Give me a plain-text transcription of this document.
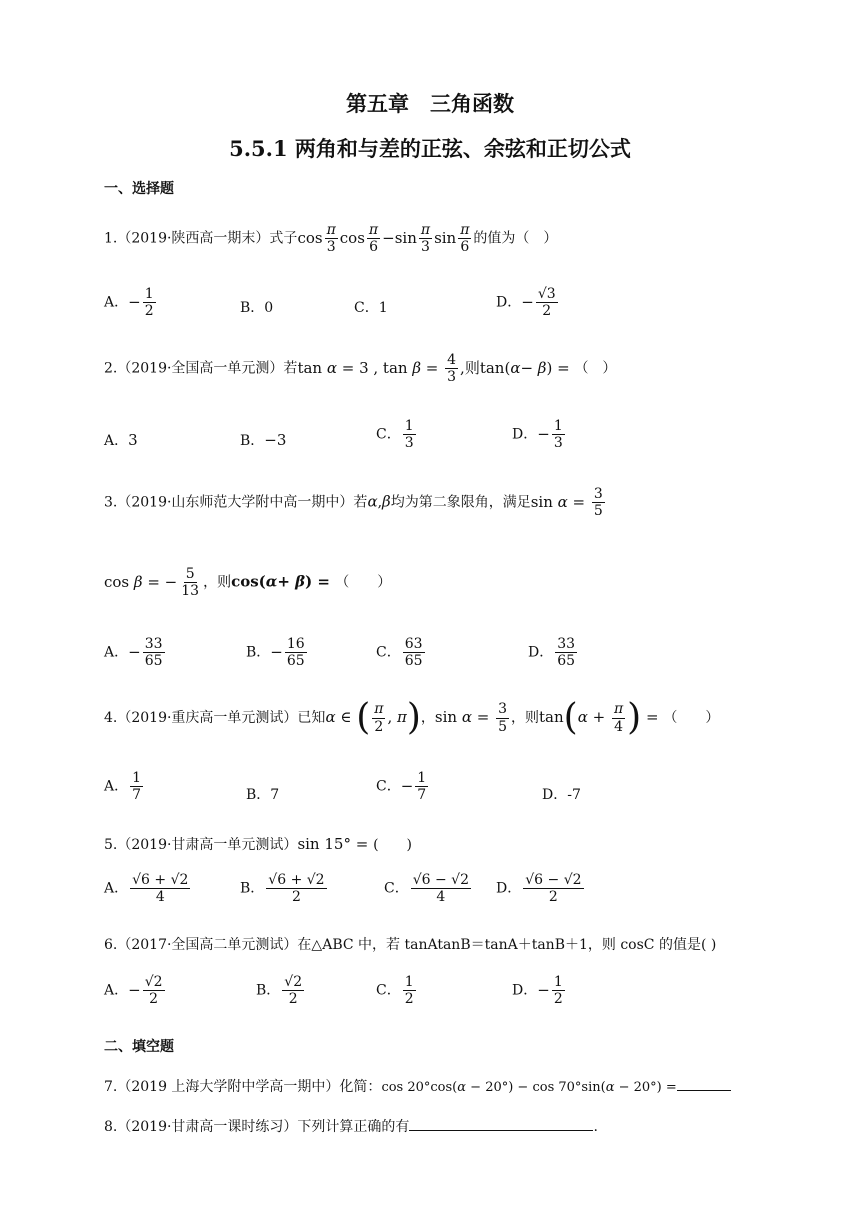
第五章　三角函数
5.5.1 两角和与差的正弦、余弦和正切公式
一、选择题
1.（2019·陕西高一期末）式子$\cos \frac{\pi}{3}$ $\cos \frac{\pi}{6} -\sin \frac{\pi}{3}$ $\sin \frac{\pi}{6}$ 的值为（　）
A．− $\frac{1}{2}$	B．0	C．1	D．− $\frac{√3}{2}$
2.（2019·全国高一单元测）若tan α = 3 , $\tan \beta = \frac{4}{3}$ ,则tan(α− β) = （　）
A．3	B．−3	C． $\frac{1}{3}$	D．− $\frac{1}{3}$
3.（2019·山东师范大学附中高一期中）若α,β均为第二象限角，满足$\sin \alpha = \frac{3}{5}$
cos β = − $\frac{5}{13}$ ，则cos(α+ β) = （　　）
A．− $\frac{33}{65}$	B．− $\frac{16}{65}$	C． $\frac{63}{65}$	D． $\frac{33}{65}$
4.（2019·重庆高一单元测试）已知α ∈ ( $\frac{\pi}{2}$ , π)，$\sin \alpha = \frac{3}{5}$ ，则$\tan(\alpha + \frac{\pi}{4}$ ) = （　　）
A． $\frac{1}{7}$	B．7
C．− $\frac{1}{7}$	D．-7
5.（2019·甘肃高一单元测试）sin 15° = (　　)
A． $\frac{√6 + √2}{4}$	B． $\frac{√6 + √2}{2}$	C． $\frac{√6 - √2}{4}$ D． $\frac{√6 - √2}{2}$
6.（2017·全国高二单元测试）在△ABC 中，若 tanAtanB＝tanA＋tanB＋1，则 cosC 的值是( )
A．− $\frac{√2}{2}$	B． $\frac{√2}{2}$	C． $\frac{1}{2}$	D．− $\frac{1}{2}$
二、填空题
7.（2019 上海大学附中学高一期中）化简：cos 20°cos(α − 20°) − cos 70°sin(α − 20°) =
8.（2019·甘肃高一课时练习）下列计算正确的有	.
